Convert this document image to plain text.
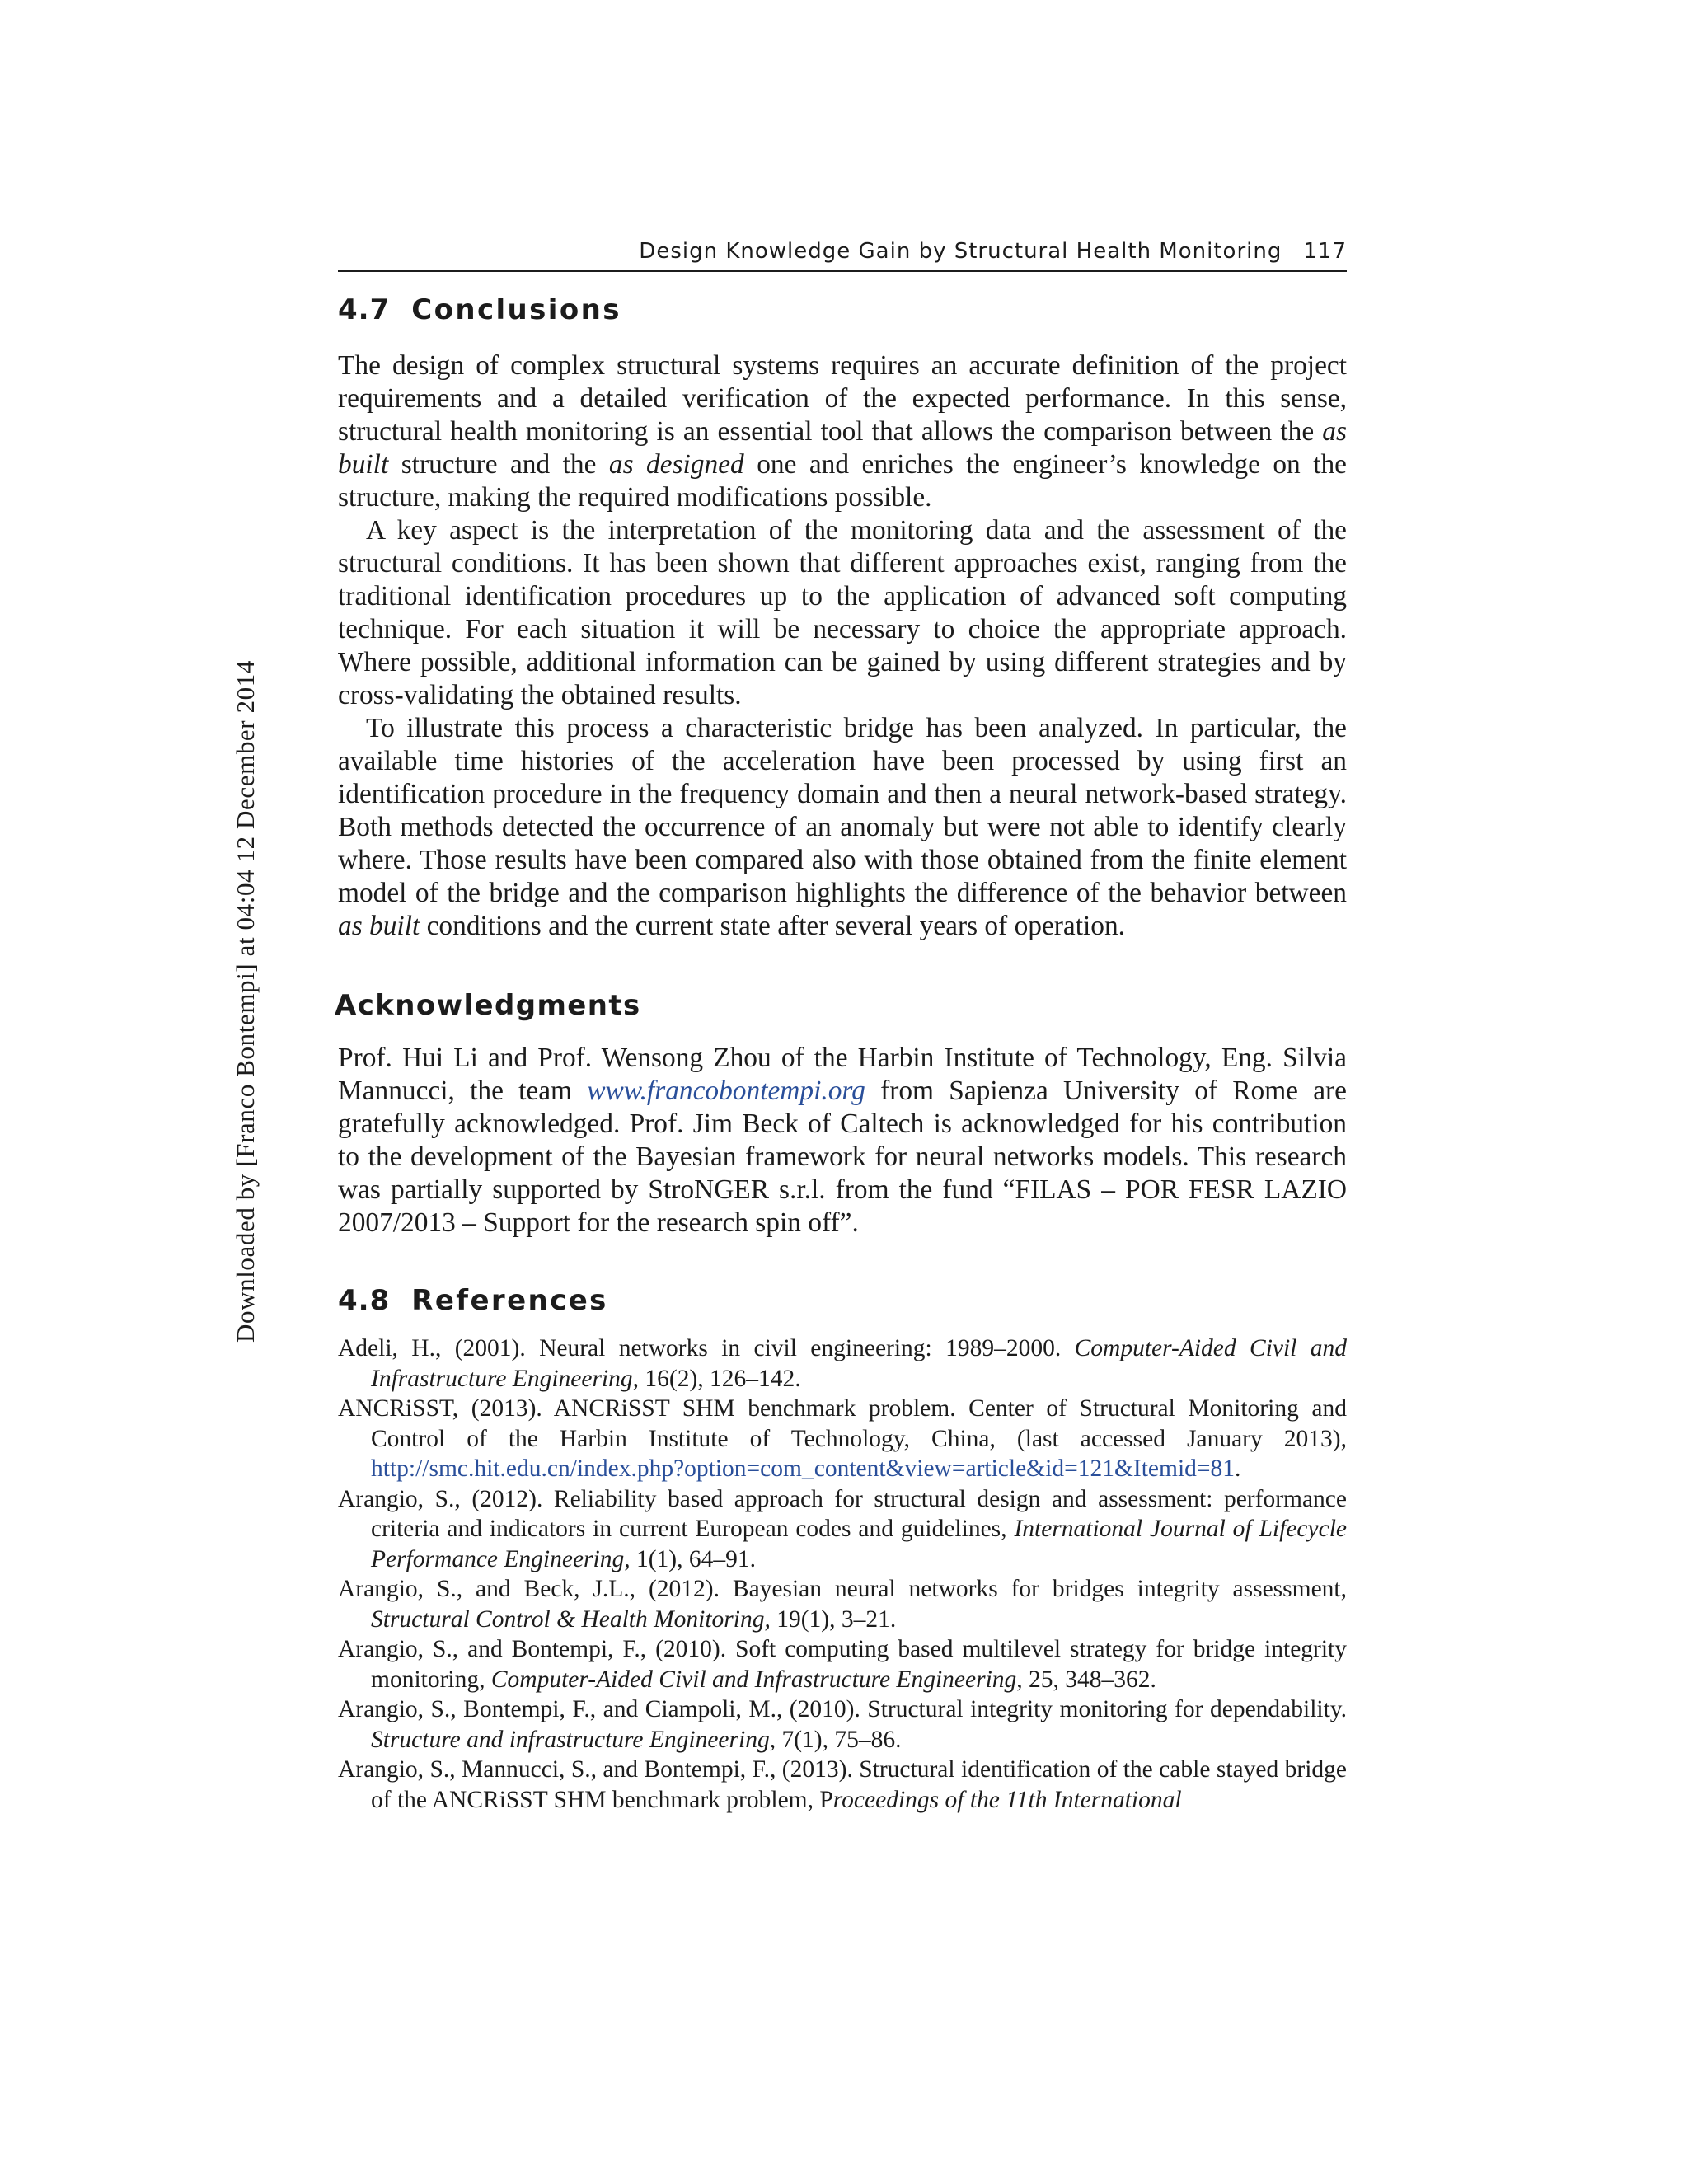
Downloaded by [Franco Bontempi] at 04:04 12 December 2014
Design Knowledge Gain by Structural Health Monitoring 117
4.7 Conclusions

The design of complex structural systems requires an accurate definition of the project requirements and a detailed verification of the expected performance. In this sense, structural health monitoring is an essential tool that allows the comparison between the as built structure and the as designed one and enriches the engineer’s knowledge on the structure, making the required modifications possible.

A key aspect is the interpretation of the monitoring data and the assessment of the structural conditions. It has been shown that different approaches exist, ranging from the traditional identification procedures up to the application of advanced soft computing technique. For each situation it will be necessary to choice the appropriate approach. Where possible, additional information can be gained by using different strategies and by cross-validating the obtained results.

To illustrate this process a characteristic bridge has been analyzed. In particular, the available time histories of the acceleration have been processed by using first an identification procedure in the frequency domain and then a neural network-based strategy. Both methods detected the occurrence of an anomaly but were not able to identify clearly where. Those results have been compared also with those obtained from the finite element model of the bridge and the comparison highlights the difference of the behavior between as built conditions and the current state after several years of operation.

Acknowledgments

Prof. Hui Li and Prof. Wensong Zhou of the Harbin Institute of Technology, Eng. Silvia Mannucci, the team www.francobontempi.org from Sapienza University of Rome are gratefully acknowledged. Prof. Jim Beck of Caltech is acknowledged for his contribution to the development of the Bayesian framework for neural networks models. This research was partially supported by StroNGER s.r.l. from the fund “FILAS – POR FESR LAZIO 2007/2013 – Support for the research spin off”.

4.8 References
Adeli, H., (2001). Neural networks in civil engineering: 1989–2000. Computer-Aided Civil and Infrastructure Engineering, 16(2), 126–142.
ANCRiSST, (2013). ANCRiSST SHM benchmark problem. Center of Structural Monitoring and Control of the Harbin Institute of Technology, China, (last accessed January 2013), http://smc.hit.edu.cn/index.php?option=com_content&view=article&id=121&Itemid=81.
Arangio, S., (2012). Reliability based approach for structural design and assessment: performance criteria and indicators in current European codes and guidelines, International Journal of Lifecycle Performance Engineering, 1(1), 64–91.
Arangio, S., and Beck, J.L., (2012). Bayesian neural networks for bridges integrity assessment, Structural Control & Health Monitoring, 19(1), 3–21.
Arangio, S., and Bontempi, F., (2010). Soft computing based multilevel strategy for bridge integrity monitoring, Computer-Aided Civil and Infrastructure Engineering, 25, 348–362.
Arangio, S., Bontempi, F., and Ciampoli, M., (2010). Structural integrity monitoring for dependability. Structure and infrastructure Engineering, 7(1), 75–86.
Arangio, S., Mannucci, S., and Bontempi, F., (2013). Structural identification of the cable stayed bridge of the ANCRiSST SHM benchmark problem, Proceedings of the 11th International
